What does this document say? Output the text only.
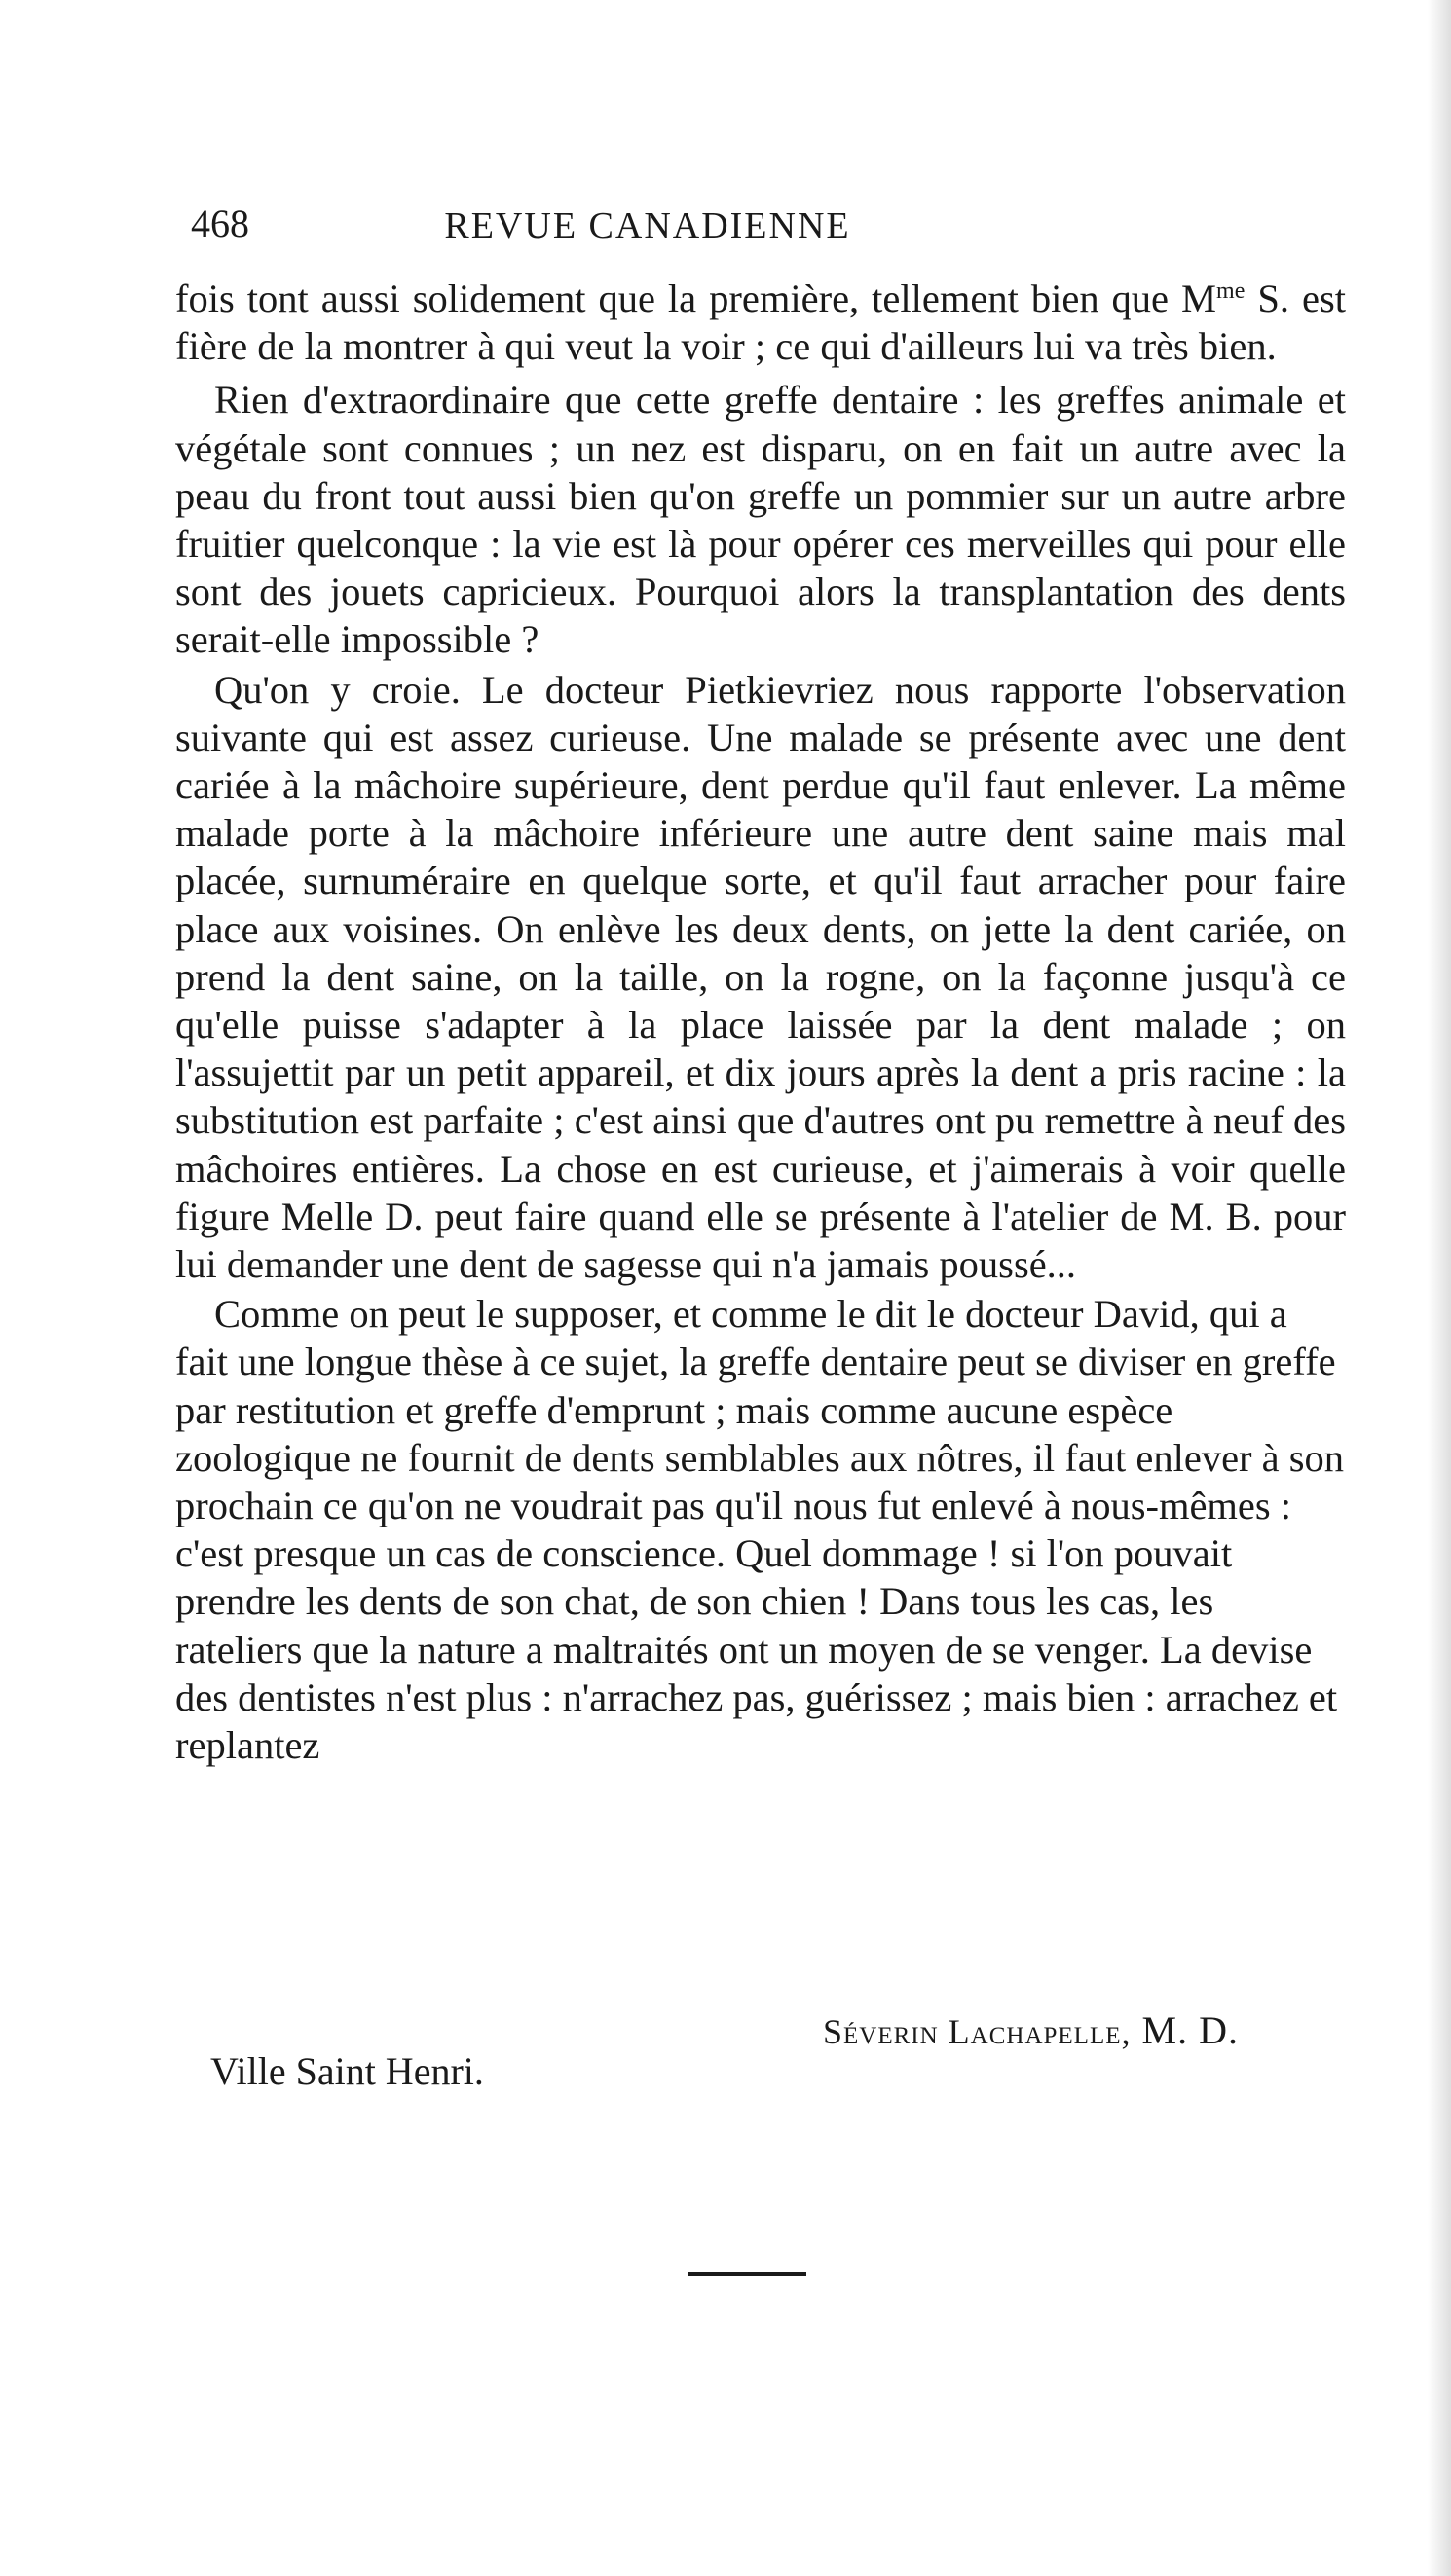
468	REVUE CANADIENNE

fois tont aussi solidement que la première, tellement bien que $M^{me}$ S. est fière de la montrer à qui veut la voir ; ce qui d'ailleurs lui va très bien.

Rien d'extraordinaire que cette greffe dentaire : les greffes animale et végétale sont connues ; un nez est disparu, on en fait un autre avec la peau du front tout aussi bien qu'on greffe un pommier sur un autre arbre fruitier quelconque : la vie est là pour opérer ces merveilles qui pour elle sont des jouets capricieux. Pourquoi alors la transplantation des dents serait-elle impossible ?

Qu'on y croie. Le docteur Pietkievriez nous rapporte l'observation suivante qui est assez curieuse. Une malade se présente avec une dent cariée à la mâchoire supérieure, dent perdue qu'il faut enlever. La même malade porte à la mâchoire inférieure une autre dent saine mais mal placée, surnuméraire en quelque sorte, et qu'il faut arracher pour faire place aux voisines. On enlève les deux dents, on jette la dent cariée, on prend la dent saine, on la taille, on la rogne, on la façonne jusqu'à ce qu'elle puisse s'adapter à la place laissée par la dent malade ; on l'assujettit par un petit appareil, et dix jours après la dent a pris racine : la substitution est parfaite ; c'est ainsi que d'autres ont pu remettre à neuf des mâchoires entières. La chose en est curieuse, et j'aimerais à voir quelle figure Melle D. peut faire quand elle se présente à l'atelier de M. B. pour lui demander une dent de sagesse qui n'a jamais poussé...

Comme on peut le supposer, et comme le dit le docteur David, qui a fait une longue thèse à ce sujet, la greffe dentaire peut se diviser en greffe par restitution et greffe d'emprunt ; mais comme aucune espèce zoologique ne fournit de dents semblables aux nôtres, il faut enlever à son prochain ce qu'on ne voudrait pas qu'il nous fut enlevé à nous-mêmes : c'est presque un cas de conscience. Quel dommage ! si l'on pouvait prendre les dents de son chat, de son chien ! Dans tous les cas, les rateliers que la nature a maltraités ont un moyen de se venger. La devise des dentistes n'est plus : n'arrachez pas, guérissez ; mais bien : arrachez et replantez

Séverin Lachapelle, M. D.
Ville Saint Henri.
